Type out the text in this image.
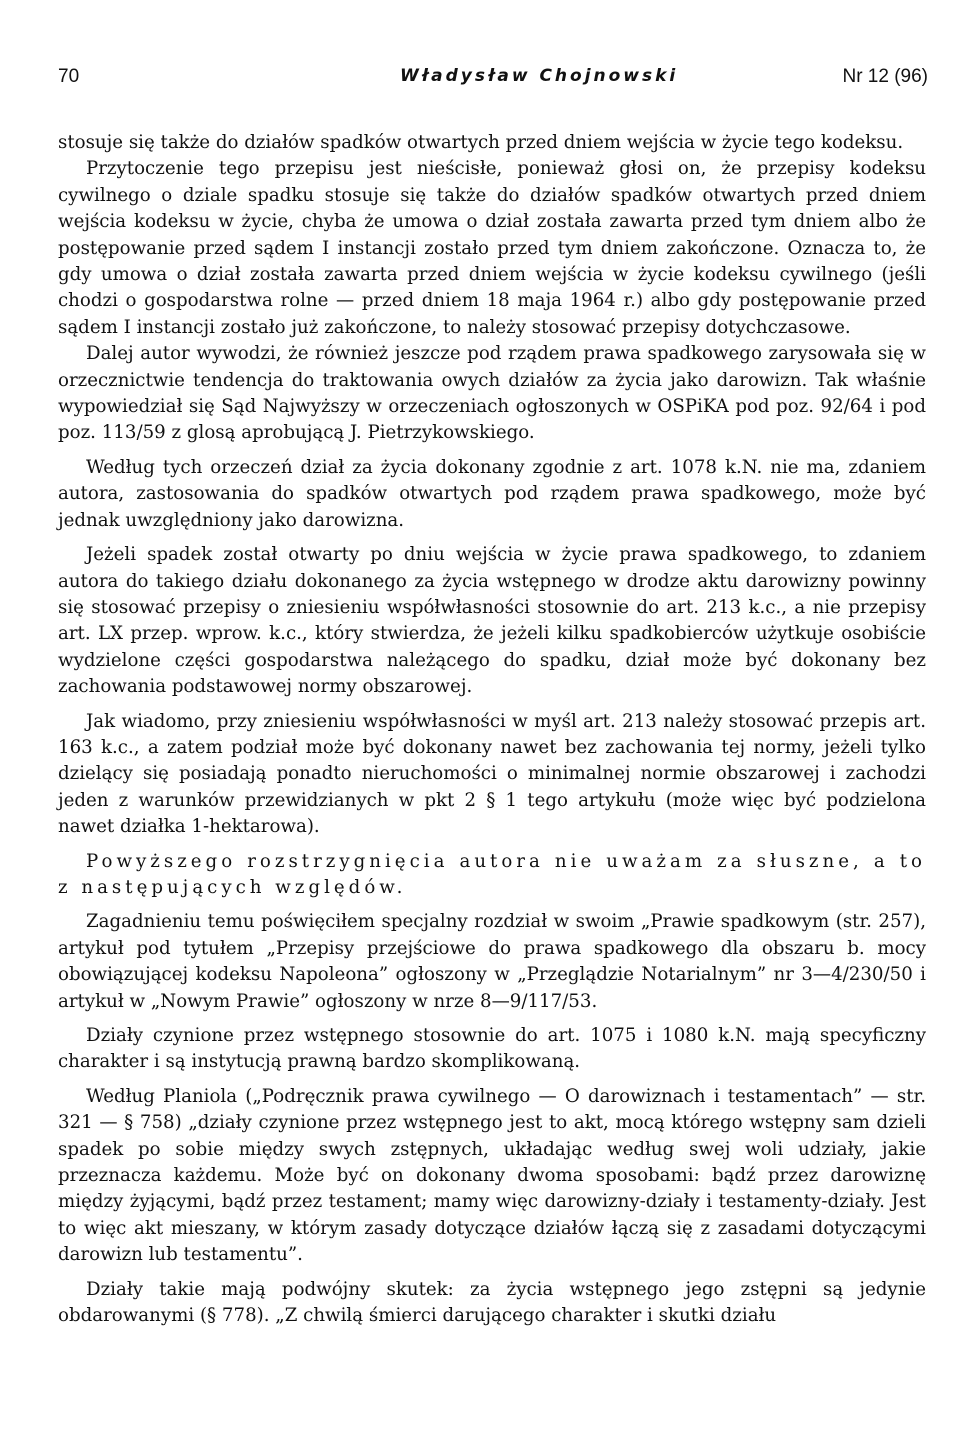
70	Władysław Chojnowski	Nr 12 (96)

stosuje się także do działów spadków otwartych przed dniem wejścia w życie tego kodeksu.

Przytoczenie tego przepisu jest nieścisłe, ponieważ głosi on, że przepisy kodeksu cywilnego o dziale spadku stosuje się także do działów spadków otwartych przed dniem wejścia kodeksu w życie, chyba że umowa o dział została zawarta przed tym dniem albo że postępowanie przed sądem I instancji zostało przed tym dniem zakończone. Oznacza to, że gdy umowa o dział została zawarta przed dniem wejścia w życie kodeksu cywilnego (jeśli chodzi o gospodarstwa rolne — przed dniem 18 maja 1964 r.) albo gdy postępowanie przed sądem I instancji zostało już zakończone, to należy stosować przepisy dotychczasowe.

Dalej autor wywodzi, że również jeszcze pod rządem prawa spadkowego zarysowała się w orzecznictwie tendencja do traktowania owych działów za życia jako darowizn. Tak właśnie wypowiedział się Sąd Najwyższy w orzeczeniach ogłoszonych w OSPiKA pod poz. 92/64 i pod poz. 113/59 z glosą aprobującą J. Pietrzykowskiego.

Według tych orzeczeń dział za życia dokonany zgodnie z art. 1078 k.N. nie ma, zdaniem autora, zastosowania do spadków otwartych pod rządem prawa spadkowego, może być jednak uwzględniony jako darowizna.

Jeżeli spadek został otwarty po dniu wejścia w życie prawa spadkowego, to zdaniem autora do takiego działu dokonanego za życia wstępnego w drodze aktu darowizny powinny się stosować przepisy o zniesieniu współwłasności stosownie do art. 213 k.c., a nie przepisy art. LX przep. wprow. k.c., który stwierdza, że jeżeli kilku spadkobierców użytkuje osobiście wydzielone części gospodarstwa należącego do spadku, dział może być dokonany bez zachowania podstawowej normy obszarowej.

Jak wiadomo, przy zniesieniu współwłasności w myśl art. 213 należy stosować przepis art. 163 k.c., a zatem podział może być dokonany nawet bez zachowania tej normy, jeżeli tylko dzielący się posiadają ponadto nieruchomości o minimalnej normie obszarowej i zachodzi jeden z warunków przewidzianych w pkt 2 § 1 tego artykułu (może więc być podzielona nawet działka 1-hektarowa).

Powyższego rozstrzygnięcia autora nie uważam za słuszne, a to z następujących względów.

Zagadnieniu temu poświęciłem specjalny rozdział w swoim „Prawie spadkowym (str. 257), artykuł pod tytułem „Przepisy przejściowe do prawa spadkowego dla obszaru b. mocy obowiązującej kodeksu Napoleona” ogłoszony w „Przeglądzie Notarialnym” nr 3—4/230/50 i artykuł w „Nowym Prawie” ogłoszony w nrze 8—9/117/53.

Działy czynione przez wstępnego stosownie do art. 1075 i 1080 k.N. mają specyficzny charakter i są instytucją prawną bardzo skomplikowaną.

Według Planiola („Podręcznik prawa cywilnego — O darowiznach i testamentach” — str. 321 — § 758) „działy czynione przez wstępnego jest to akt, mocą którego wstępny sam dzieli spadek po sobie między swych zstępnych, układając według swej woli udziały, jakie przeznacza każdemu. Może być on dokonany dwoma sposobami: bądź przez darowiznę między żyjącymi, bądź przez testament; mamy więc darowizny-działy i testamenty-działy. Jest to więc akt mieszany, w którym zasady dotyczące działów łączą się z zasadami dotyczącymi darowizn lub testamentu”.

Działy takie mają podwójny skutek: za życia wstępnego jego zstępni są jedynie obdarowanymi (§ 778). „Z chwilą śmierci darującego charakter i skutki działu
